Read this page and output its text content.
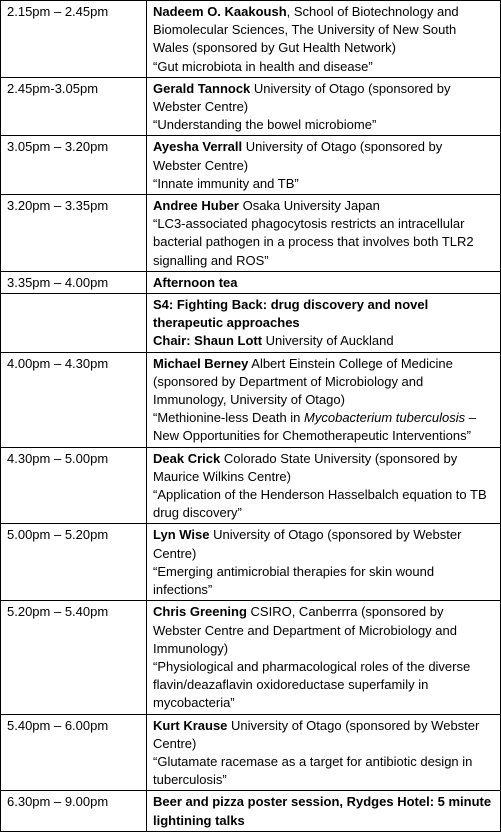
2.15pm – 2.45pm	Nadeem O. Kaakoush, School of Biotechnology and Biomolecular Sciences, The University of New South Wales (sponsored by Gut Health Network)
“Gut microbiota in health and disease”

2.45pm-3.05pm	Gerald Tannock University of Otago (sponsored by Webster Centre)
“Understanding the bowel microbiome”

3.05pm – 3.20pm	Ayesha Verrall University of Otago (sponsored by Webster Centre)
“Innate immunity and TB”

3.20pm – 3.35pm	Andree Huber Osaka University Japan
“LC3-associated phagocytosis restricts an intracellular bacterial pathogen in a process that involves both TLR2 signalling and ROS”

3.35pm – 4.00pm	Afternoon tea
	S4: Fighting Back: drug discovery and novel therapeutic approaches
Chair: Shaun Lott University of Auckland
4.00pm – 4.30pm	Michael Berney Albert Einstein College of Medicine (sponsored by Department of Microbiology and Immunology, University of Otago)
“Methionine-less Death in Mycobacterium tuberculosis – New Opportunities for Chemotherapeutic Interventions”

4.30pm – 5.00pm	Deak Crick Colorado State University (sponsored by Maurice Wilkins Centre)
“Application of the Henderson Hasselbalch equation to TB drug discovery”

5.00pm – 5.20pm	Lyn Wise University of Otago (sponsored by Webster Centre)
“Emerging antimicrobial therapies for skin wound infections”

5.20pm – 5.40pm	Chris Greening CSIRO, Canberrra (sponsored by Webster Centre and Department of Microbiology and Immunology)
“Physiological and pharmacological roles of the diverse flavin/deazaflavin oxidoreductase superfamily in mycobacteria”

5.40pm – 6.00pm	Kurt Krause University of Otago (sponsored by Webster Centre)
“Glutamate racemase as a target for antibiotic design in tuberculosis”

6.30pm – 9.00pm	Beer and pizza poster session, Rydges Hotel: 5 minute lightining talks
